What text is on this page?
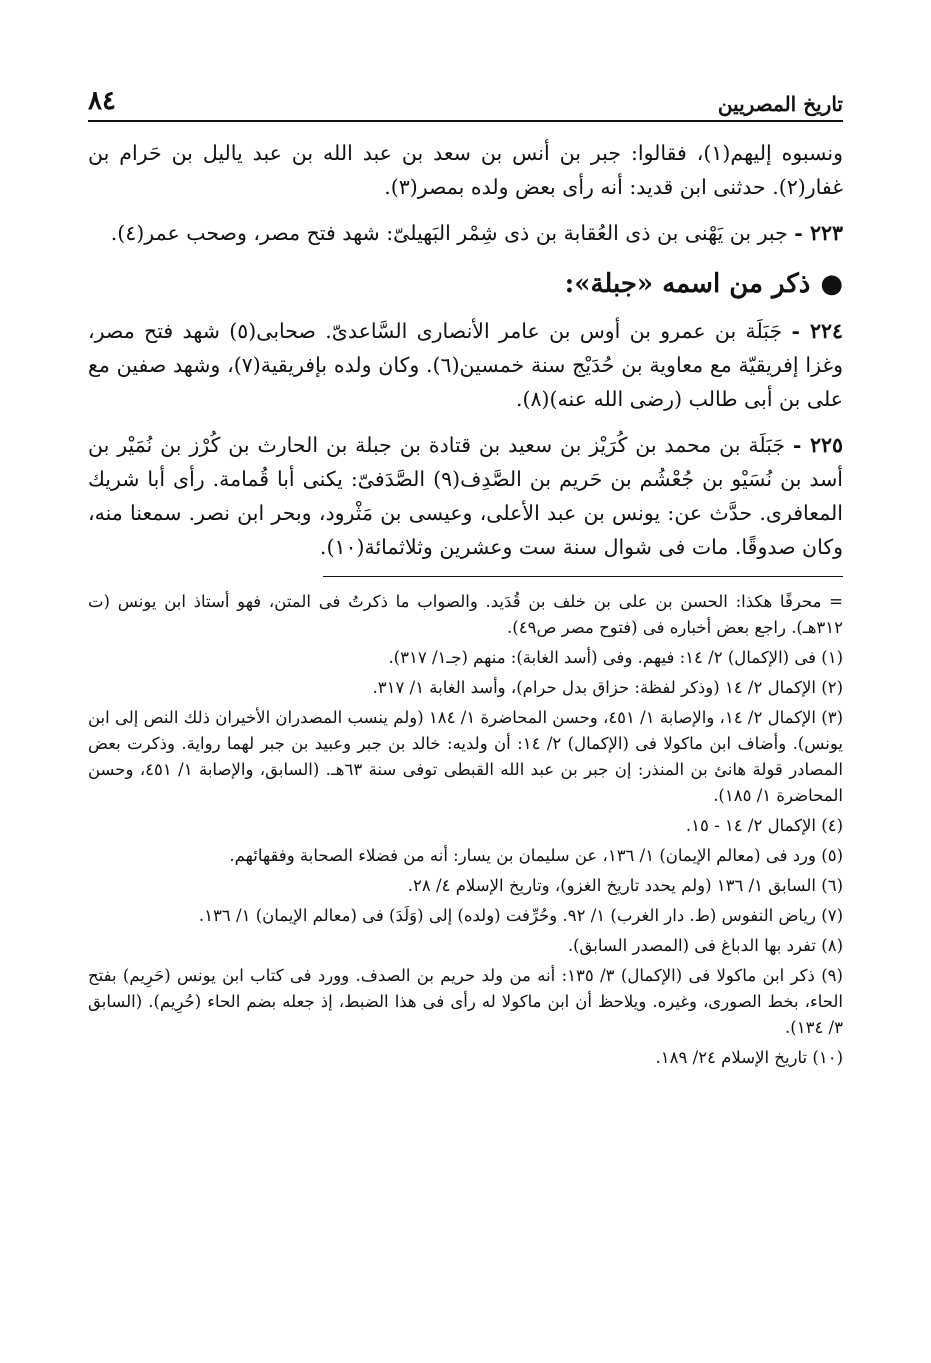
تاريخ المصريين
٨٤

ونسبوه إليهم(١)، فقالوا: جبر بن أنس بن سعد بن عبد الله بن عبد ياليل بن حَرام بن غفار(٢). حدثنى ابن قديد: أنه رأى بعض ولده بمصر(٣).

٢٢٣ - جبر بن يَهْنى بن ذى العُقابة بن ذى شِمْر البَهيلىّ: شهد فتح مصر، وصحب عمر(٤).

●ذكر من اسمه «جبلة»:

٢٢٤ - جَبَلَة بن عمرو بن أوس بن عامر الأنصارى السَّاعدىّ. صحابى(٥) شهد فتح مصر، وغزا إفريقيّة مع معاوية بن حُدَيْج سنة خمسين(٦). وكان ولده بإفريقية(٧)، وشهد صفين مع على بن أبى طالب (رضى الله عنه)(٨).

٢٢٥ - جَبَلَة بن محمد بن كُرَيْز بن سعيد بن قتادة بن جبلة بن الحارث بن كُرْز بن نُمَيْر بن أسد بن نُسَيْو بن جُعْشُم بن حَريم بن الصَّدِف(٩) الصَّدَفىّ: يكنى أبا قُمامة. رأى أبا شريك المعافرى. حدَّث عن: يونس بن عبد الأعلى، وعيسى بن مَثْرود، وبحر ابن نصر. سمعنا منه، وكان صدوقًا. مات فى شوال سنة ست وعشرين وثلاثمائة(١٠).

= محرفًا هكذا: الحسن بن على بن خلف بن قُدَيد. والصواب ما ذكرتُ فى المتن، فهو أستاذ ابن يونس (ت ٣١٢هـ). راجع بعض أخباره فى (فتوح مصر ص٤٩).

(١) فى (الإكمال) ٢/ ١٤: فيهم. وفى (أسد الغابة): منهم (جـ١/ ٣١٧).

(٢) الإكمال ٢/ ١٤ (وذكر لفظة: حزاق بدل حرام)، وأسد الغابة ١/ ٣١٧.

(٣) الإكمال ٢/ ١٤، والإصابة ١/ ٤٥١، وحسن المحاضرة ١/ ١٨٤ (ولم ينسب المصدران الأخيران ذلك النص إلى ابن يونس). وأضاف ابن ماكولا فى (الإكمال) ٢/ ١٤: أن ولديه: خالد بن جبر وعبيد بن جبر لهما رواية. وذكرت بعض المصادر قولة هانئ بن المنذر: إن جبر بن عبد الله القبطى توفى سنة ٦٣هـ. (السابق، والإصابة ١/ ٤٥١، وحسن المحاضرة ١/ ١٨٥).

(٤) الإكمال ٢/ ١٤ - ١٥.

(٥) ورد فى (معالم الإيمان) ١/ ١٣٦، عن سليمان بن يسار: أنه من فضلاء الصحابة وفقهائهم.

(٦) السابق ١/ ١٣٦ (ولم يحدد تاريخ الغزو)، وتاريخ الإسلام ٤/ ٢٨.

(٧) رياض النفوس (ط. دار الغرب) ١/ ٩٢. وحُرِّفت (ولده) إلى (وَلَدَ) فى (معالم الإيمان) ١/ ١٣٦.

(٨) تفرد بها الدباغ فى (المصدر السابق).

(٩) ذكر ابن ماكولا فى (الإكمال) ٣/ ١٣٥: أنه من ولد حريم بن الصدف. وورد فى كتاب ابن يونس (حَرِيم) بفتح الحاء، بخط الصورى، وغيره. ويلاحظ أن ابن ماكولا له رأى فى هذا الضبط، إذ جعله بضم الحاء (حُرِيم). (السابق ٣/ ١٣٤).

(١٠) تاريخ الإسلام ٢٤/ ١٨٩.
